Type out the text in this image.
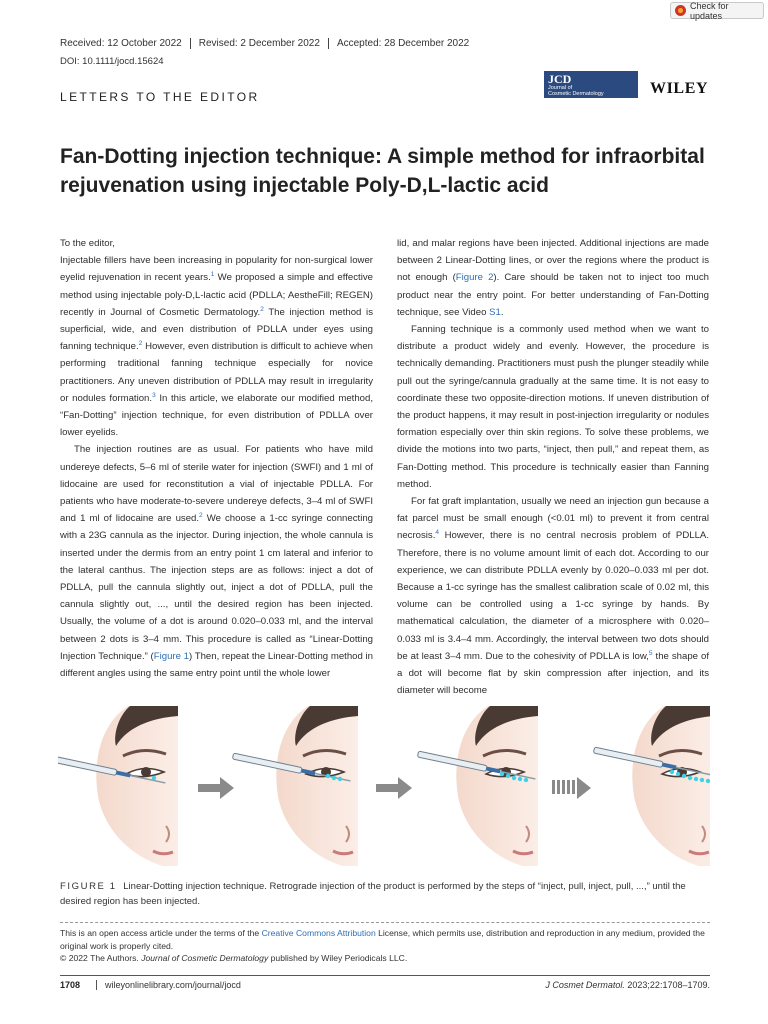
Check for updates
Received: 12 October 2022	Revised: 2 December 2022	Accepted: 28 December 2022
DOI: 10.1111/jocd.15624
LETTERS TO THE EDITOR
JCD
Journal of
Cosmetic Dermatology	WILEY
Fan-Dotting injection technique: A simple method for infraorbital rejuvenation using injectable Poly-D,L-lactic acid

To the editor,

Injectable fillers have been increasing in popularity for non-surgical lower eyelid rejuvenation in recent years.$^1$ We proposed a simple and effective method using injectable poly-D,L-lactic acid (PDLLA; AestheFill; REGEN) recently in Journal of Cosmetic Dermatology.$^2$ The injection method is superficial, wide, and even distribution of PDLLA under eyes using fanning technique.$^2$ However, even distribution is difficult to achieve when performing traditional fanning technique especially for novice practitioners. Any uneven distribution of PDLLA may result in irregularity or nodules formation.$^3$ In this article, we elaborate our modified method, “Fan-Dotting” injection technique, for even distribution of PDLLA over lower eyelids.

The injection routines are as usual. For patients who have mild undereye defects, 5–6 ml of sterile water for injection (SWFI) and 1 ml of lidocaine are used for reconstitution a vial of injectable PDLLA. For patients who have moderate-to-severe undereye defects, 3–4 ml of SWFI and 1 ml of lidocaine are used.$^2$ We choose a 1-cc syringe connecting with a 23G cannula as the injector. During injection, the whole cannula is inserted under the dermis from an entry point 1 cm lateral and inferior to the lateral canthus. The injection steps are as follows: inject a dot of PDLLA, pull the cannula slightly out, inject a dot of PDLLA, pull the cannula slightly out, ..., until the desired region has been injected. Usually, the volume of a dot is around 0.020–0.033 ml, and the interval between 2 dots is 3–4 mm. This procedure is called as “Linear-Dotting Injection Technique.” (Figure 1) Then, repeat the Linear-Dotting method in different angles using the same entry point until the whole lower

lid, and malar regions have been injected. Additional injections are made between 2 Linear-Dotting lines, or over the regions where the product is not enough (Figure 2). Care should be taken not to inject too much product near the entry point. For better understanding of Fan-Dotting technique, see Video S1.

Fanning technique is a commonly used method when we want to distribute a product widely and evenly. However, the procedure is technically demanding. Practitioners must push the plunger steadily while pull out the syringe/cannula gradually at the same time. It is not easy to coordinate these two opposite-direction motions. If uneven distribution of the product happens, it may result in post-injection irregularity or nodules formation especially over thin skin regions. To solve these problems, we divide the motions into two parts, “inject, then pull,” and repeat them, as Fan-Dotting method. This procedure is technically easier than Fanning method.

For fat graft implantation, usually we need an injection gun because a fat parcel must be small enough (<0.01 ml) to prevent it from central necrosis.$^4$ However, there is no central necrosis problem of PDLLA. Therefore, there is no volume amount limit of each dot. According to our experience, we can distribute PDLLA evenly by 0.020–0.033 ml per dot. Because a 1-cc syringe has the smallest calibration scale of 0.02 ml, this volume can be controlled using a 1-cc syringe by hands. By mathematical calculation, the diameter of a microsphere with 0.020–0.033 ml is 3.4–4 mm. Accordingly, the interval between two dots should be at least 3–4 mm. Due to the cohesivity of PDLLA is low,$^5$ the shape of a dot will become flat by skin compression after injection, and its diameter will become

FIGURE 1 Linear-Dotting injection technique. Retrograde injection of the product is performed by the steps of “inject, pull, inject, pull, ...,” until the desired region has been injected.

This is an open access article under the terms of the Creative Commons Attribution License, which permits use, distribution and reproduction in any medium, provided the original work is properly cited.

© 2022 The Authors. Journal of Cosmetic Dermatology published by Wiley Periodicals LLC.

1708	wileyonlinelibrary.com/journal/jocd	J Cosmet Dermatol. 2023;22:1708–1709.
